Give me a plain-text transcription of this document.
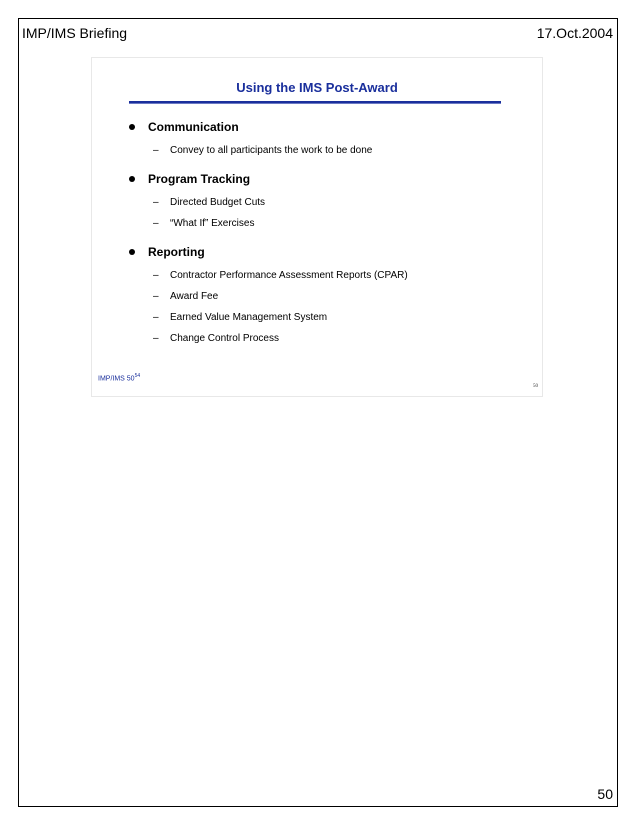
IMP/IMS Briefing	17.Oct.2004
Using the IMS Post-Award
Communication
– Convey to all participants the work to be done
Program Tracking
– Directed Budget Cuts
– “What If” Exercises
Reporting
– Contractor Performance Assessment Reports (CPAR)
– Award Fee
– Earned Value Management System
– Change Control Process
IMP/IMS $50^{54}$
50
50
